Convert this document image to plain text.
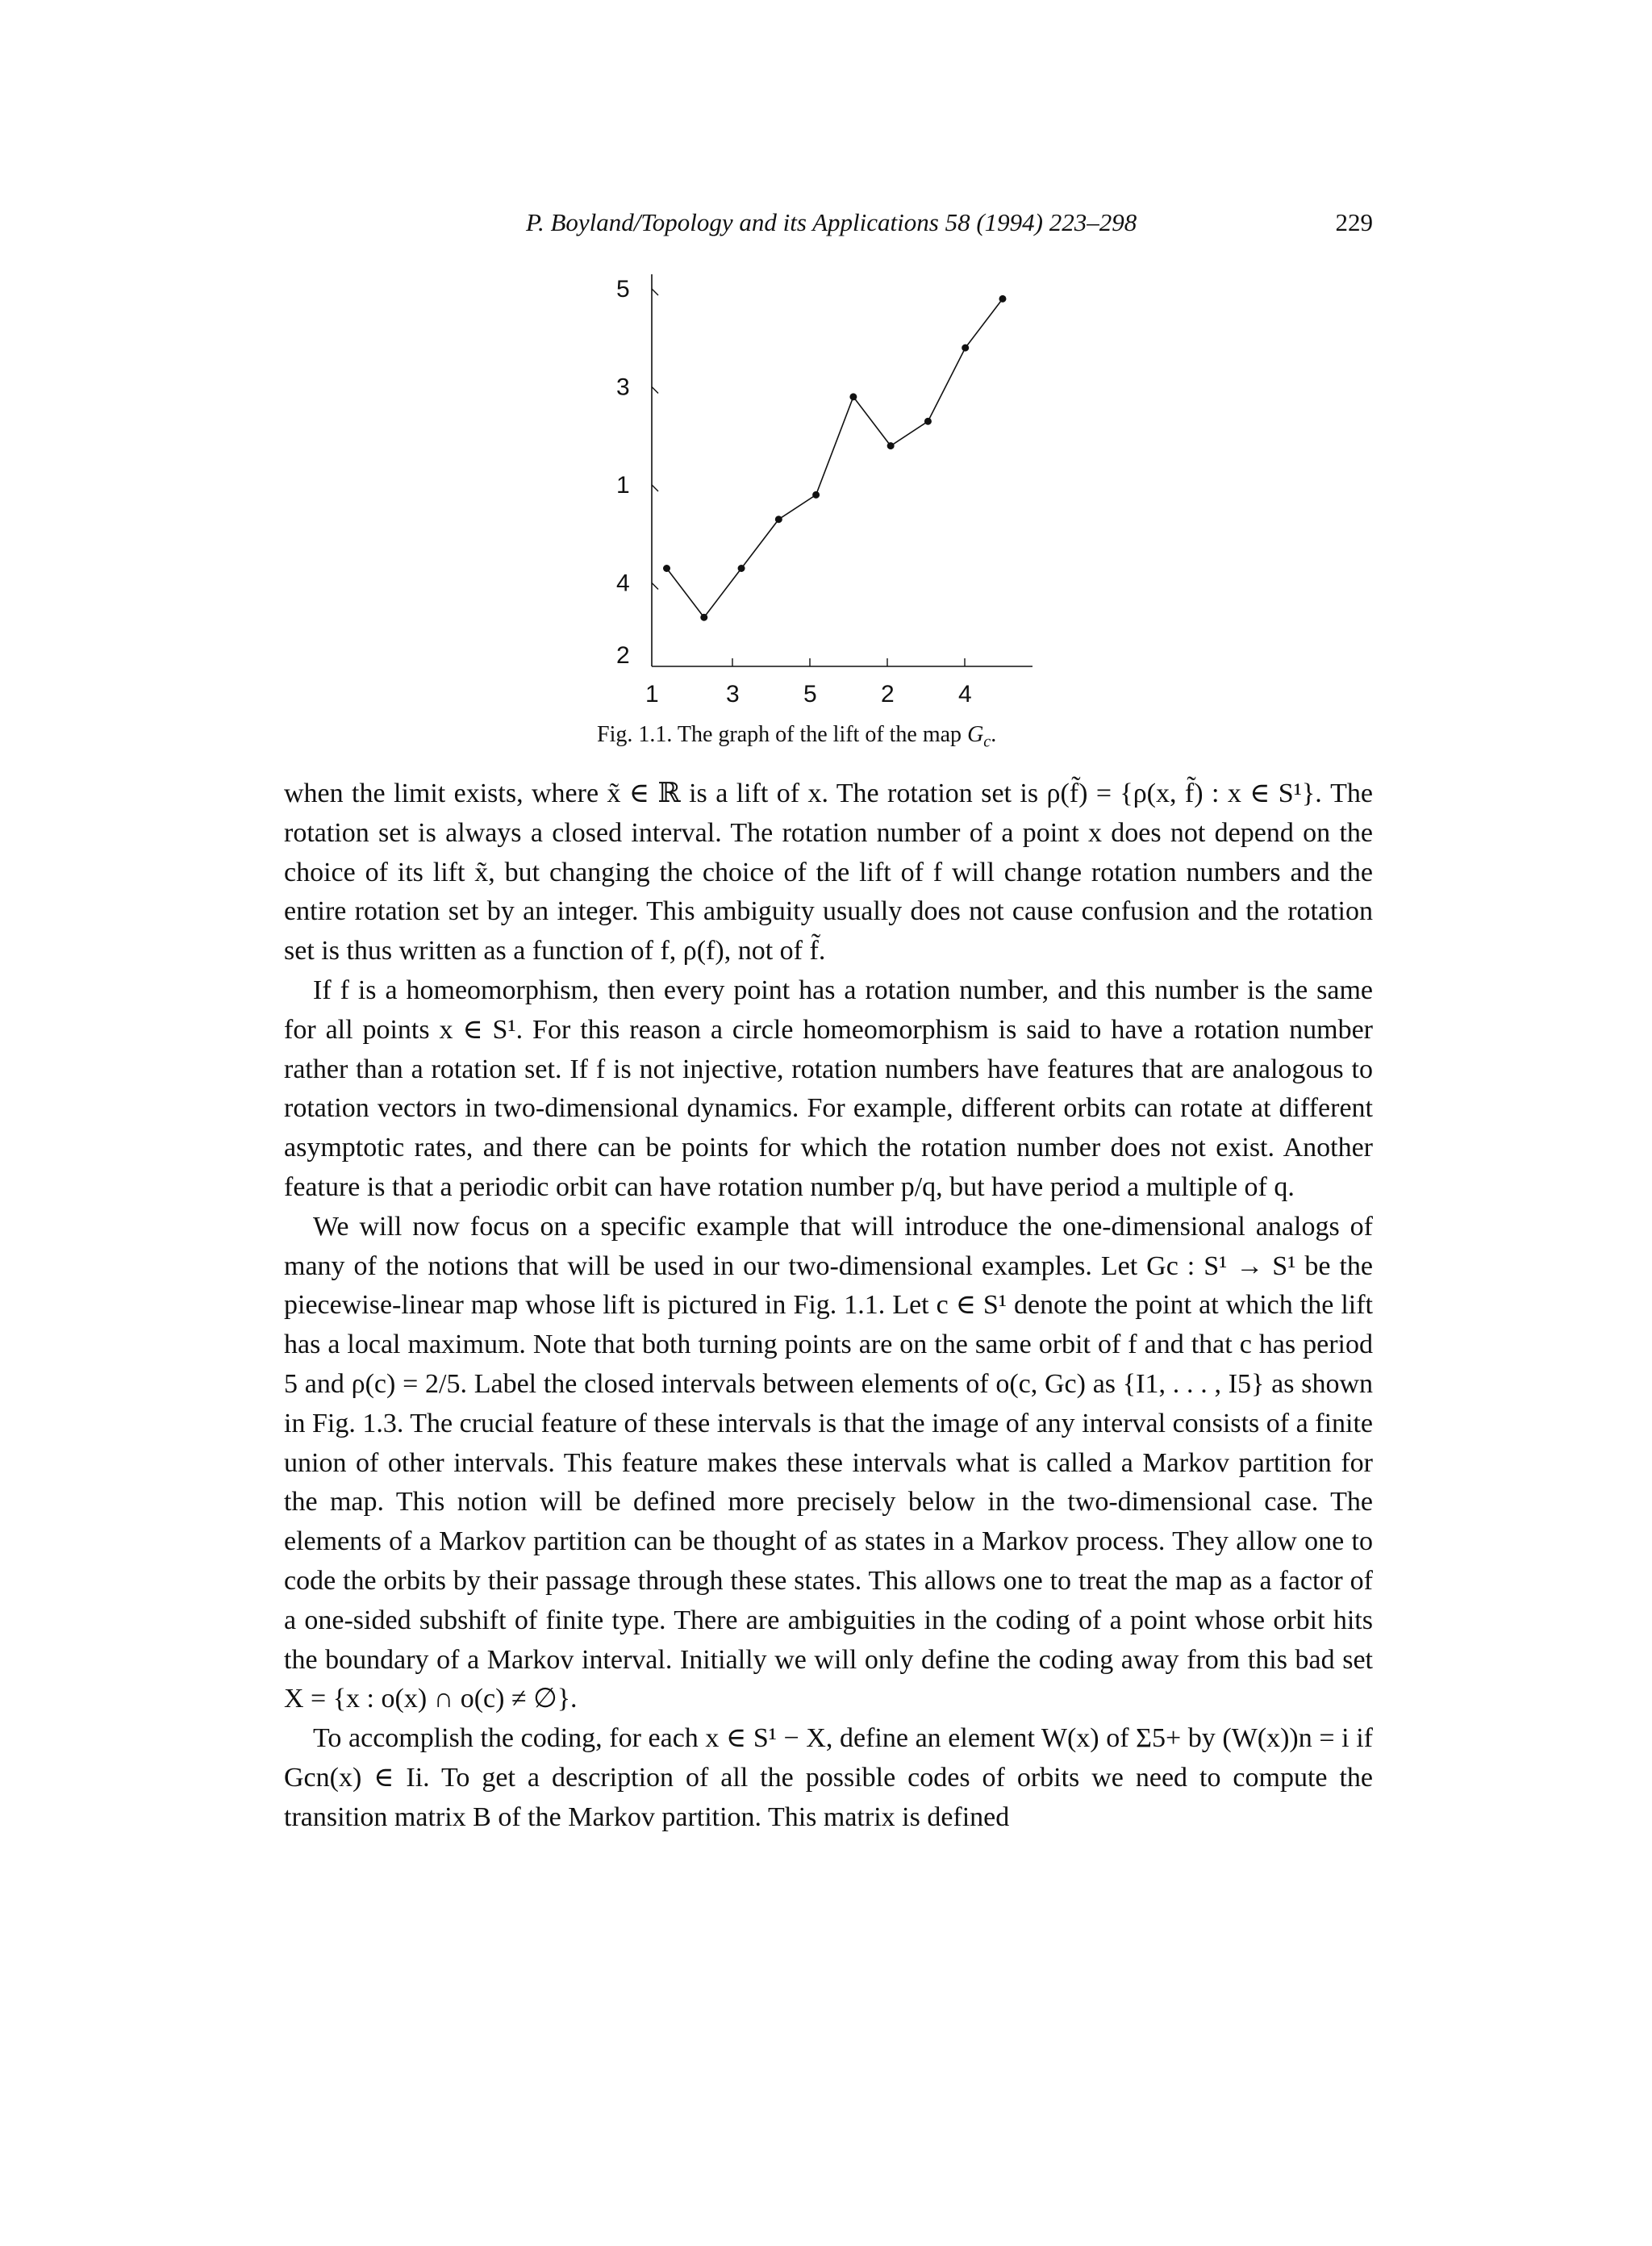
P. Boyland/Topology and its Applications 58 (1994) 223–298	229
2
4
1
3
5
1	3	5	2	4
Fig. 1.1. The graph of the lift of the map $G_c$.

when the limit exists, where x̃ ∈ ℝ is a lift of x. The rotation set is ρ(f̃) = {ρ(x, f̃) : x ∈ S¹}. The rotation set is always a closed interval. The rotation number of a point x does not depend on the choice of its lift x̃, but changing the choice of the lift of f will change rotation numbers and the entire rotation set by an integer. This ambiguity usually does not cause confusion and the rotation set is thus written as a function of f, ρ(f), not of f̃.

If f is a homeomorphism, then every point has a rotation number, and this number is the same for all points x ∈ S¹. For this reason a circle homeomorphism is said to have a rotation number rather than a rotation set. If f is not injective, rotation numbers have features that are analogous to rotation vectors in two-dimensional dynamics. For example, different orbits can rotate at different asymptotic rates, and there can be points for which the rotation number does not exist. Another feature is that a periodic orbit can have rotation number p/q, but have period a multiple of q.

We will now focus on a specific example that will introduce the one-dimensional analogs of many of the notions that will be used in our two-dimensional examples. Let Gc : S¹ → S¹ be the piecewise-linear map whose lift is pictured in Fig. 1.1. Let c ∈ S¹ denote the point at which the lift has a local maximum. Note that both turning points are on the same orbit of f and that c has period 5 and ρ(c) = 2/5. Label the closed intervals between elements of o(c, Gc) as {I1, . . . , I5} as shown in Fig. 1.3. The crucial feature of these intervals is that the image of any interval consists of a finite union of other intervals. This feature makes these intervals what is called a Markov partition for the map. This notion will be defined more precisely below in the two-dimensional case. The elements of a Markov partition can be thought of as states in a Markov process. They allow one to code the orbits by their passage through these states. This allows one to treat the map as a factor of a one-sided subshift of finite type. There are ambiguities in the coding of a point whose orbit hits the boundary of a Markov interval. Initially we will only define the coding away from this bad set X = {x : o(x) ∩ o(c) ≠ ∅}.

To accomplish the coding, for each x ∈ S¹ − X, define an element W(x) of Σ5+ by (W(x))n = i if Gcn(x) ∈ Ii. To get a description of all the possible codes of orbits we need to compute the transition matrix B of the Markov partition. This matrix is defined
